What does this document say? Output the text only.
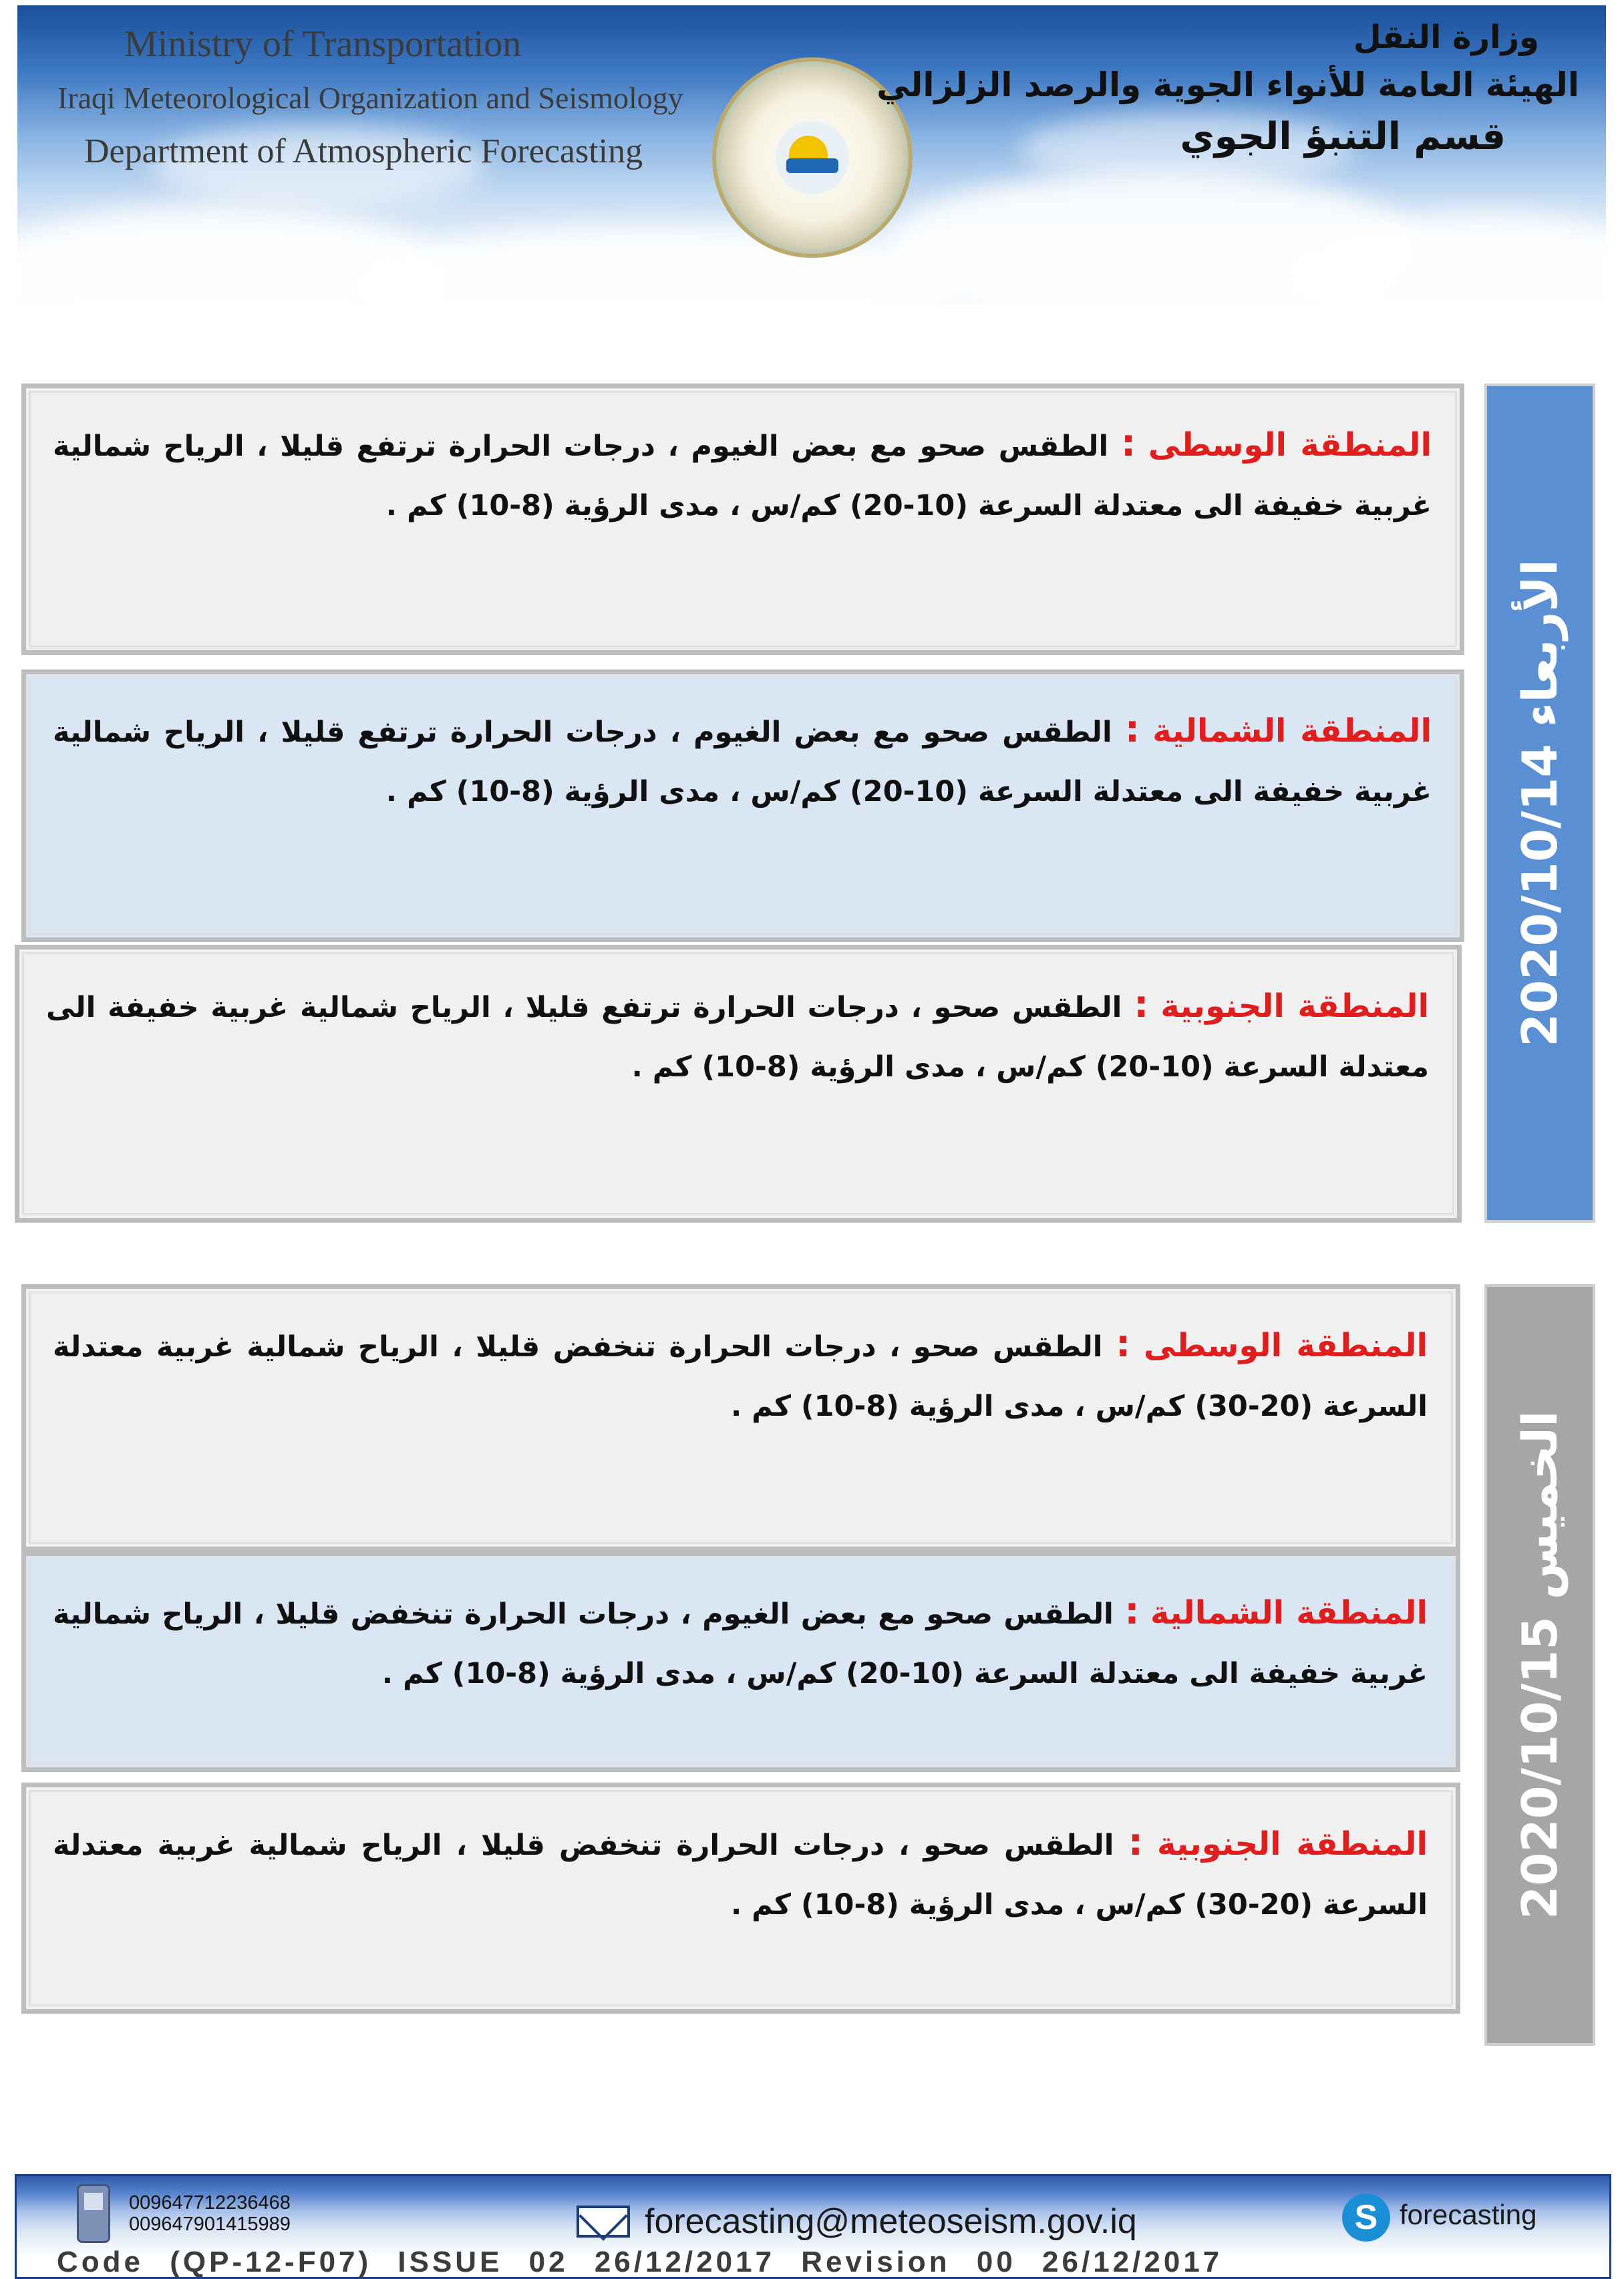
Ministry of Transportation
Iraqi Meteorological Organization and Seismology
Department of Atmospheric Forecasting
وزارة النقل
الهيئة العامة للأنواء الجوية والرصد الزلزالي
قسم التنبؤ الجوي
الأربعاء 2020/10/14
المنطقة الوسطى : الطقس صحو مع بعض الغيوم ، درجات الحرارة ترتفع قليلا ، الرياح شمالية غربية خفيفة الى معتدلة السرعة (10-20) كم/س ، مدى الرؤية (8-10) كم .
المنطقة الشمالية : الطقس صحو مع بعض الغيوم ، درجات الحرارة ترتفع قليلا ، الرياح شمالية غربية خفيفة الى معتدلة السرعة (10-20) كم/س ، مدى الرؤية (8-10) كم .
المنطقة الجنوبية : الطقس صحو ، درجات الحرارة ترتفع قليلا ، الرياح شمالية غربية خفيفة الى معتدلة السرعة (10-20) كم/س ، مدى الرؤية (8-10) كم .
الخميس 2020/10/15
المنطقة الوسطى : الطقس صحو ، درجات الحرارة تنخفض قليلا ، الرياح شمالية غربية معتدلة السرعة (20-30) كم/س ، مدى الرؤية (8-10) كم .
المنطقة الشمالية : الطقس صحو مع بعض الغيوم ، درجات الحرارة تنخفض قليلا ، الرياح شمالية غربية خفيفة الى معتدلة السرعة (10-20) كم/س ، مدى الرؤية (8-10) كم .
المنطقة الجنوبية : الطقس صحو ، درجات الحرارة تنخفض قليلا ، الرياح شمالية غربية معتدلة السرعة (20-30) كم/س ، مدى الرؤية (8-10) كم .
009647712236468
009647901415989	forecasting@meteoseism.gov.iq	S forecasting
Code (QP-12-F07) ISSUE 02 26/12/2017 Revision 00 26/12/2017
